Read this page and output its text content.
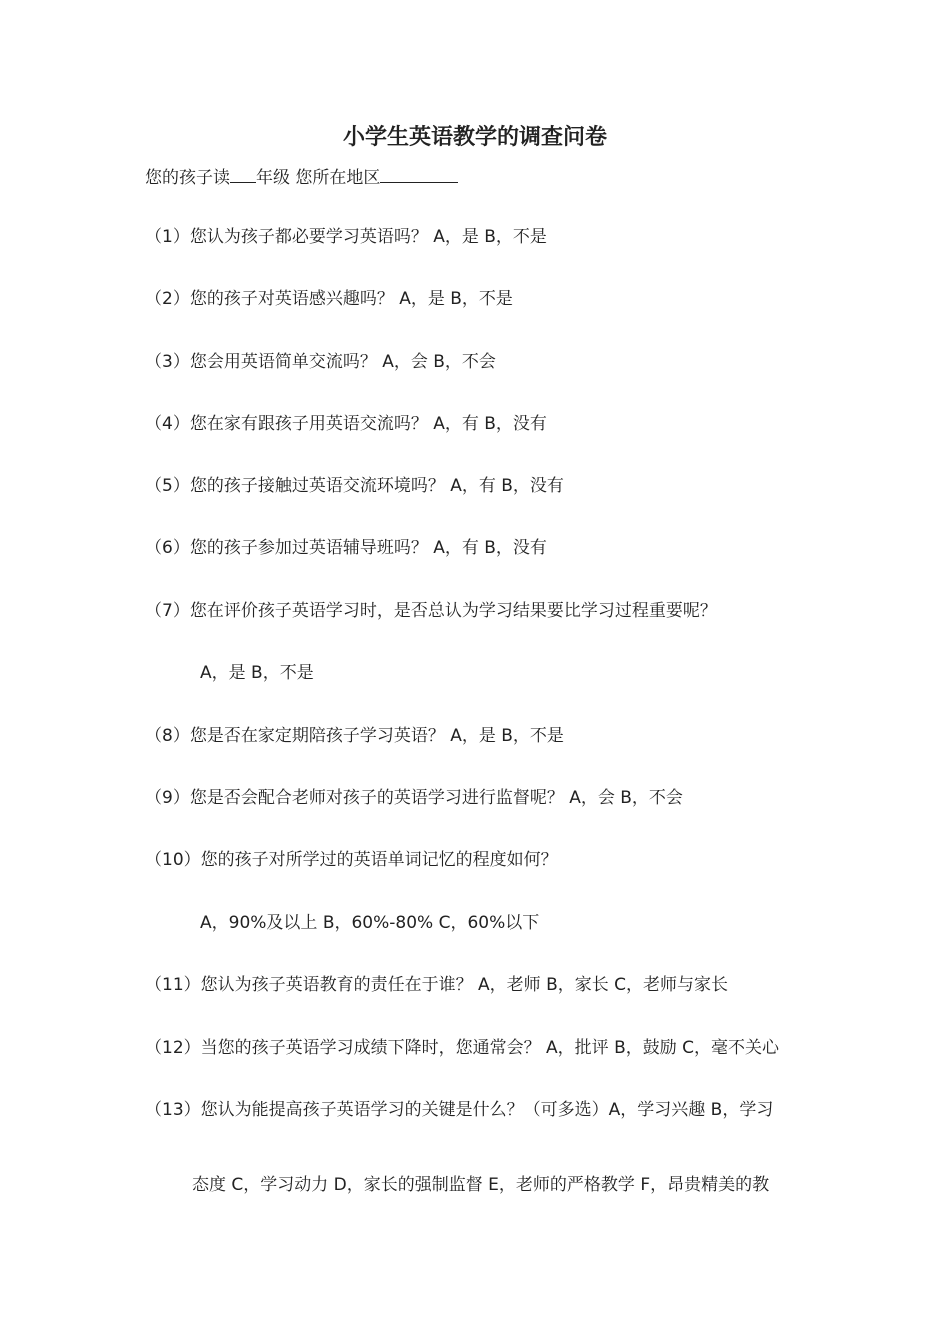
小学生英语教学的调查问卷
您的孩子读 年级 您所在地区
（1）您认为孩子都必要学习英语吗？ A，是 B，不是
（2）您的孩子对英语感兴趣吗？ A，是 B，不是
（3）您会用英语简单交流吗？ A，会 B，不会
（4）您在家有跟孩子用英语交流吗？ A，有 B，没有
（5）您的孩子接触过英语交流环境吗？ A，有 B，没有
（6）您的孩子参加过英语辅导班吗？ A，有 B，没有
（7）您在评价孩子英语学习时，是否总认为学习结果要比学习过程重要呢？
A，是 B，不是
（8）您是否在家定期陪孩子学习英语？ A，是 B，不是
（9）您是否会配合老师对孩子的英语学习进行监督呢？ A，会 B，不会
（10）您的孩子对所学过的英语单词记忆的程度如何？
A，90%及以上 B，60%-80% C，60%以下
（11）您认为孩子英语教育的责任在于谁？ A，老师 B，家长 C，老师与家长
（12）当您的孩子英语学习成绩下降时，您通常会？ A，批评 B，鼓励 C，毫不关心
（13）您认为能提高孩子英语学习的关键是什么？（可多选）A，学习兴趣 B，学习
态度 C，学习动力 D，家长的强制监督 E，老师的严格教学 F，昂贵精美的教
